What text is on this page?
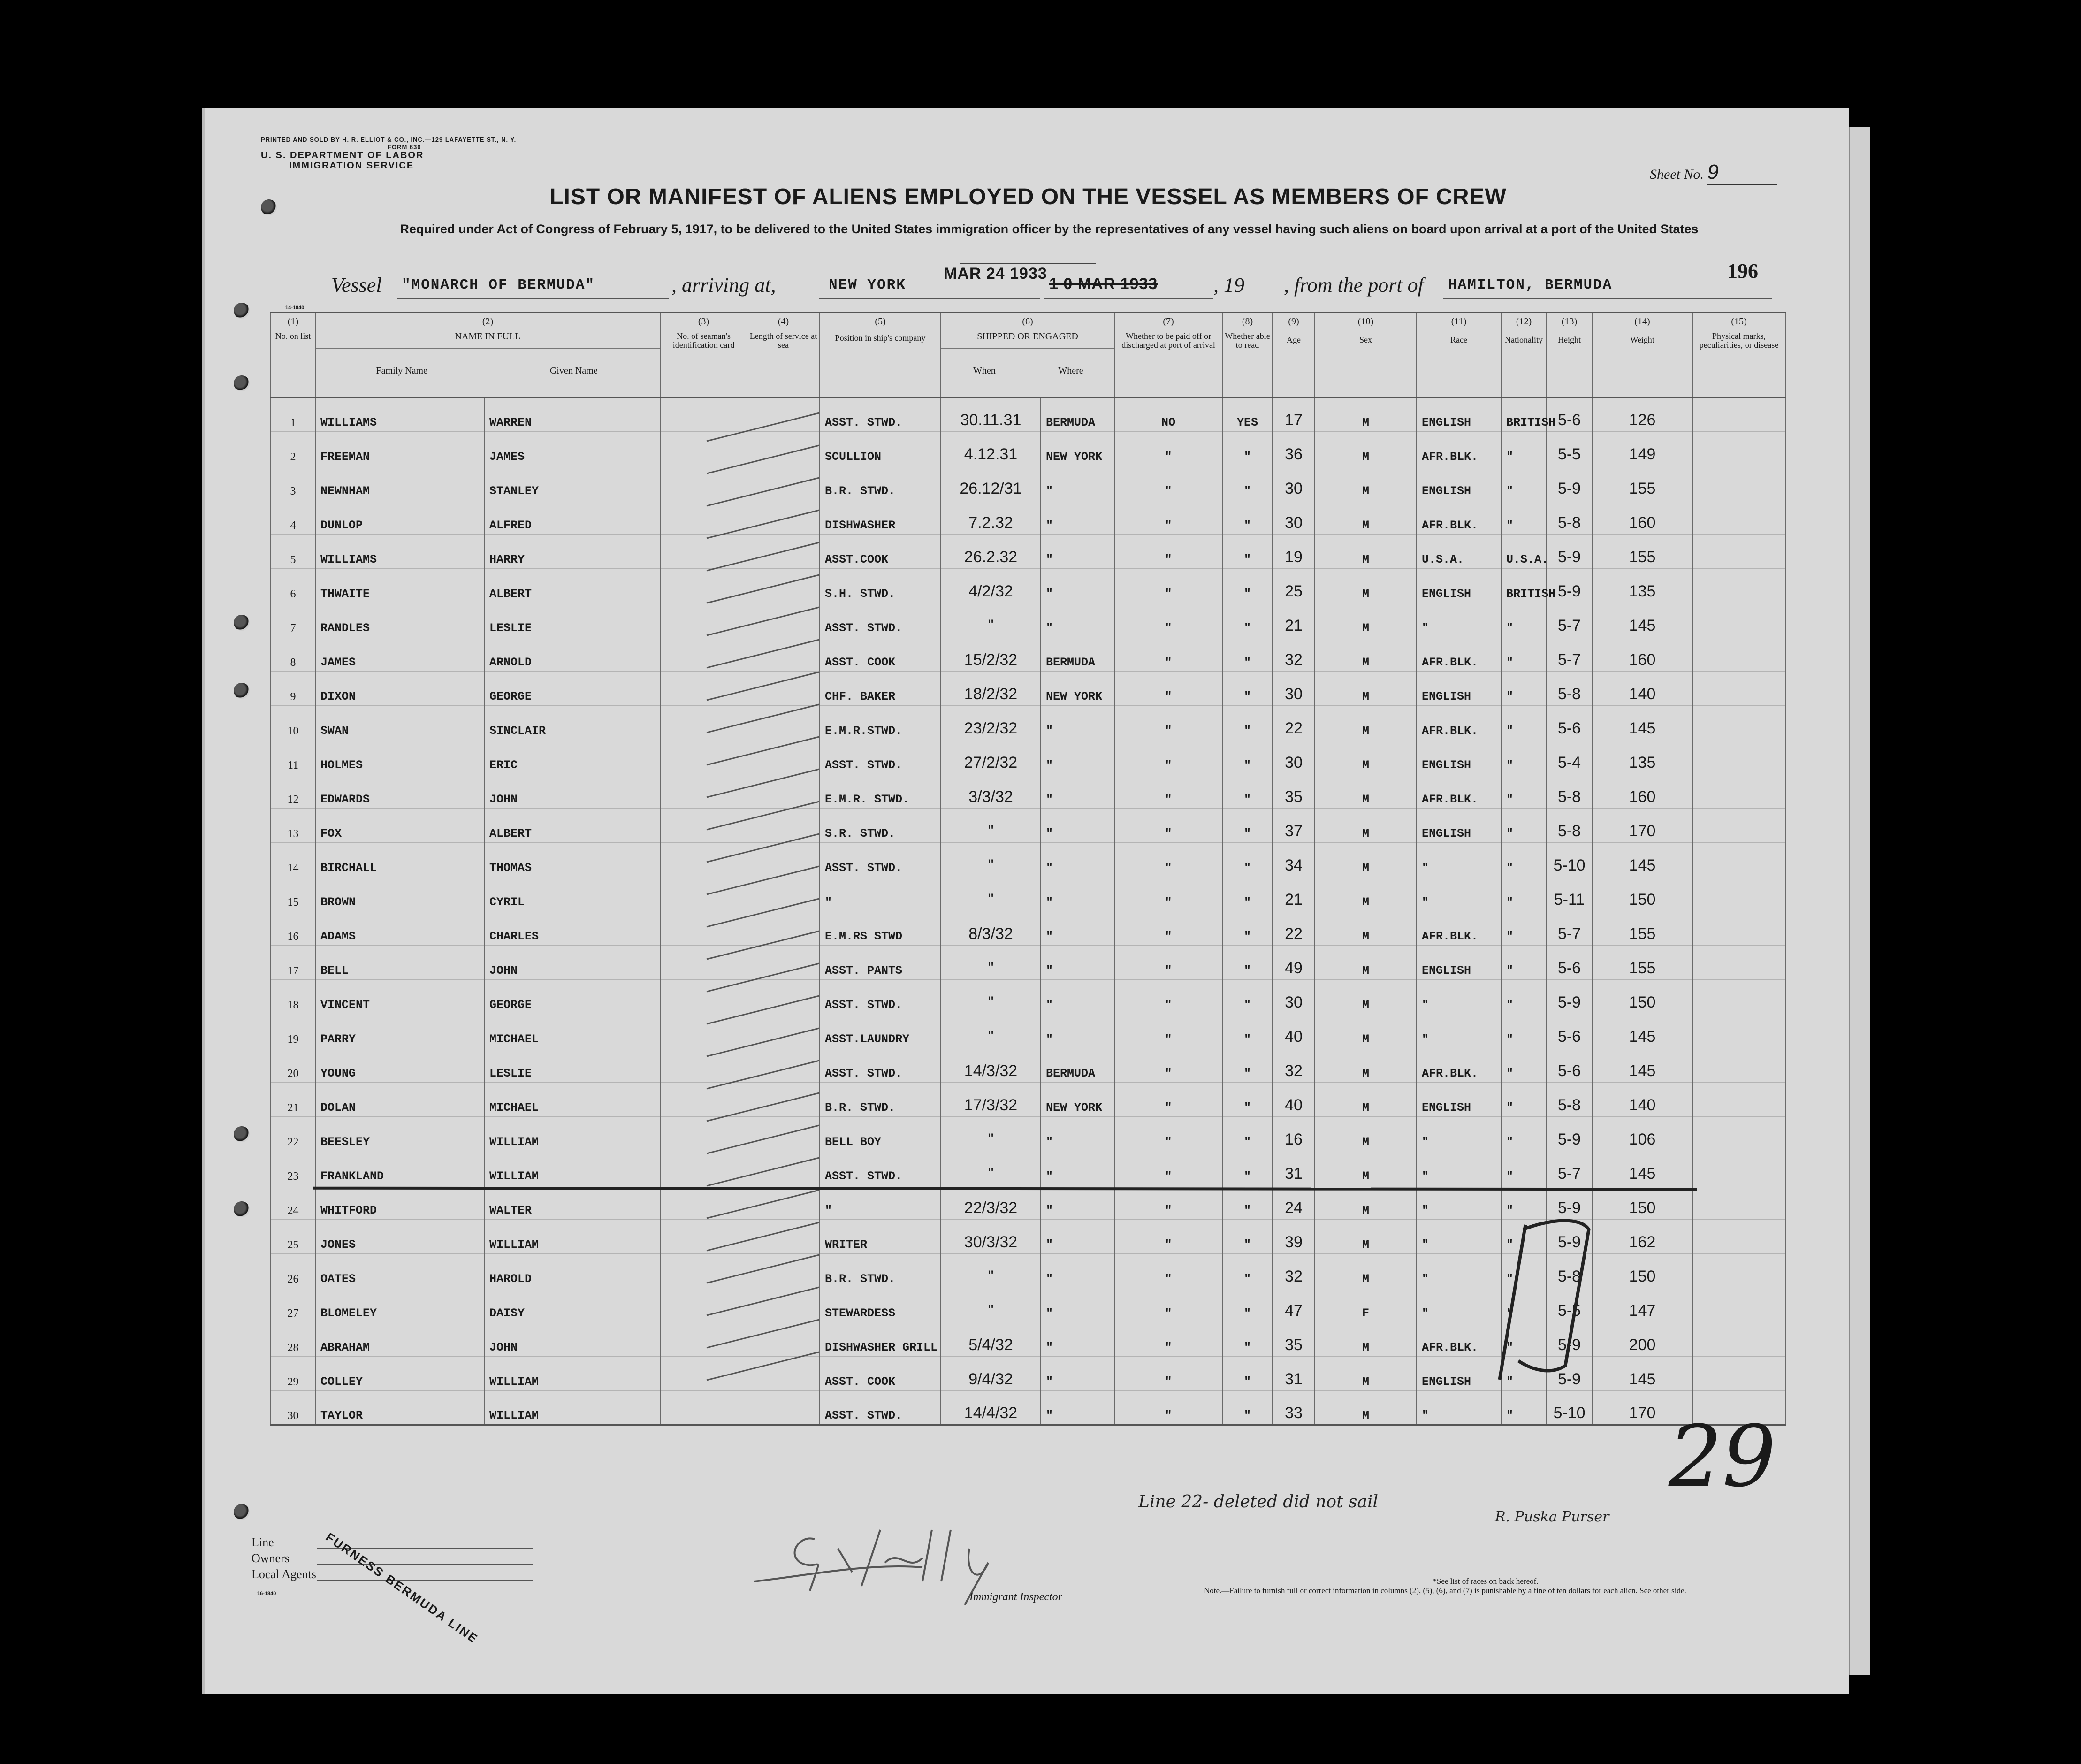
PRINTED AND SOLD BY H. R. ELLIOT & CO., INC.—129 LAFAYETTE ST., N. Y.
FORM 630
U. S. DEPARTMENT OF LABOR
IMMIGRATION SERVICE
Sheet No. 9
LIST OR MANIFEST OF ALIENS EMPLOYED ON THE VESSEL AS MEMBERS OF CREW
Required under Act of Congress of February 5, 1917, to be delivered to the United States immigration officer by the representatives of any vessel having such aliens on board upon arrival at a port of the United States
Vessel "MONARCH OF BERMUDA"	, arriving at,	NEW YORK
MAR 24 1933
1 0 MAR 1933	, 19 , from the port of HAMILTON, BERMUDA
196
14-1840
(1)
No. on list	(2)
NAME IN FULL
Family Name Given Name		(3)
No. of seaman's identification card	(4)
Length of service at sea	(5)
Position in ship's company	(6)
SHIPPED OR ENGAGED
When Where		(7)
Whether to be paid off or discharged at port of arrival	(8)
Whether able to read	(9)
Age	(10)
Sex	(11)
Race	(12)
Nationality	(13)
Height	(14)
Weight	(15)
Physical marks, peculiarities, or disease

1	WILLIAMS	WARREN			ASST. STWD.	30.11.31	BERMUDA	NO	YES	17	M	ENGLISH	BRITISH	5-6	126	
2	FREEMAN	JAMES			SCULLION	4.12.31	NEW YORK	"	"	36	M	AFR.BLK.	"	5-5	149	
3	NEWNHAM	STANLEY			B.R. STWD.	26.12/31	"	"	"	30	M	ENGLISH	"	5-9	155	
4	DUNLOP	ALFRED			DISHWASHER	7.2.32	"	"	"	30	M	AFR.BLK.	"	5-8	160	
5	WILLIAMS	HARRY			ASST.COOK	26.2.32	"	"	"	19	M	U.S.A.	U.S.A.	5-9	155	
6	THWAITE	ALBERT			S.H. STWD.	4/2/32	"	"	"	25	M	ENGLISH	BRITISH	5-9	135	
7	RANDLES	LESLIE			ASST. STWD.	"	"	"	"	21	M	"	"	5-7	145	
8	JAMES	ARNOLD			ASST. COOK	15/2/32	BERMUDA	"	"	32	M	AFR.BLK.	"	5-7	160	
9	DIXON	GEORGE			CHF. BAKER	18/2/32	NEW YORK	"	"	30	M	ENGLISH	"	5-8	140	
10	SWAN	SINCLAIR			E.M.R.STWD.	23/2/32	"	"	"	22	M	AFR.BLK.	"	5-6	145	
11	HOLMES	ERIC			ASST. STWD.	27/2/32	"	"	"	30	M	ENGLISH	"	5-4	135	
12	EDWARDS	JOHN			E.M.R. STWD.	3/3/32	"	"	"	35	M	AFR.BLK.	"	5-8	160	
13	FOX	ALBERT			S.R. STWD.	"	"	"	"	37	M	ENGLISH	"	5-8	170	
14	BIRCHALL	THOMAS			ASST. STWD.	"	"	"	"	34	M	"	"	5-10	145	
15	BROWN	CYRIL			"	"	"	"	"	21	M	"	"	5-11	150	
16	ADAMS	CHARLES			E.M.RS STWD	8/3/32	"	"	"	22	M	AFR.BLK.	"	5-7	155	
17	BELL	JOHN			ASST. PANTS	"	"	"	"	49	M	ENGLISH	"	5-6	155	
18	VINCENT	GEORGE			ASST. STWD.	"	"	"	"	30	M	"	"	5-9	150	
19	PARRY	MICHAEL			ASST.LAUNDRY	"	"	"	"	40	M	"	"	5-6	145	
20	YOUNG	LESLIE			ASST. STWD.	14/3/32	BERMUDA	"	"	32	M	AFR.BLK.	"	5-6	145	
21	DOLAN	MICHAEL			B.R. STWD.	17/3/32	NEW YORK	"	"	40	M	ENGLISH	"	5-8	140	
22	BEESLEY	WILLIAM			BELL BOY	"	"	"	"	16	M	"	"	5-9	106	
23	FRANKLAND	WILLIAM			ASST. STWD.	"	"	"	"	31	M	"	"	5-7	145	
24	WHITFORD	WALTER			"	22/3/32	"	"	"	24	M	"	"	5-9	150	
25	JONES	WILLIAM			WRITER	30/3/32	"	"	"	39	M	"	"	5-9	162	
26	OATES	HAROLD			B.R. STWD.	"	"	"	"	32	M	"	"	5-8	150	
27	BLOMELEY	DAISY			STEWARDESS	"	"	"	"	47	F	"	"	5-5	147	
28	ABRAHAM	JOHN			DISHWASHER GRILL	5/4/32	"	"	"	35	M	AFR.BLK.	"	5-9	200	
29	COLLEY	WILLIAM			ASST. COOK	9/4/32	"	"	"	31	M	ENGLISH	"	5-9	145	
30	TAYLOR	WILLIAM			ASST. STWD.	14/4/32	"	"	"	33	M	"	"	5-10	170	
Line 22- deleted did not sail
R. Puska Purser
29
Line
Owners
Local Agents FURNESS BERMUDA LINE
16-1840	Immigrant Inspector
*See list of races on back hereof.
Note.—Failure to furnish full or correct information in columns (2), (5), (6), and (7) is punishable by a fine of ten dollars for each alien. See other side.
